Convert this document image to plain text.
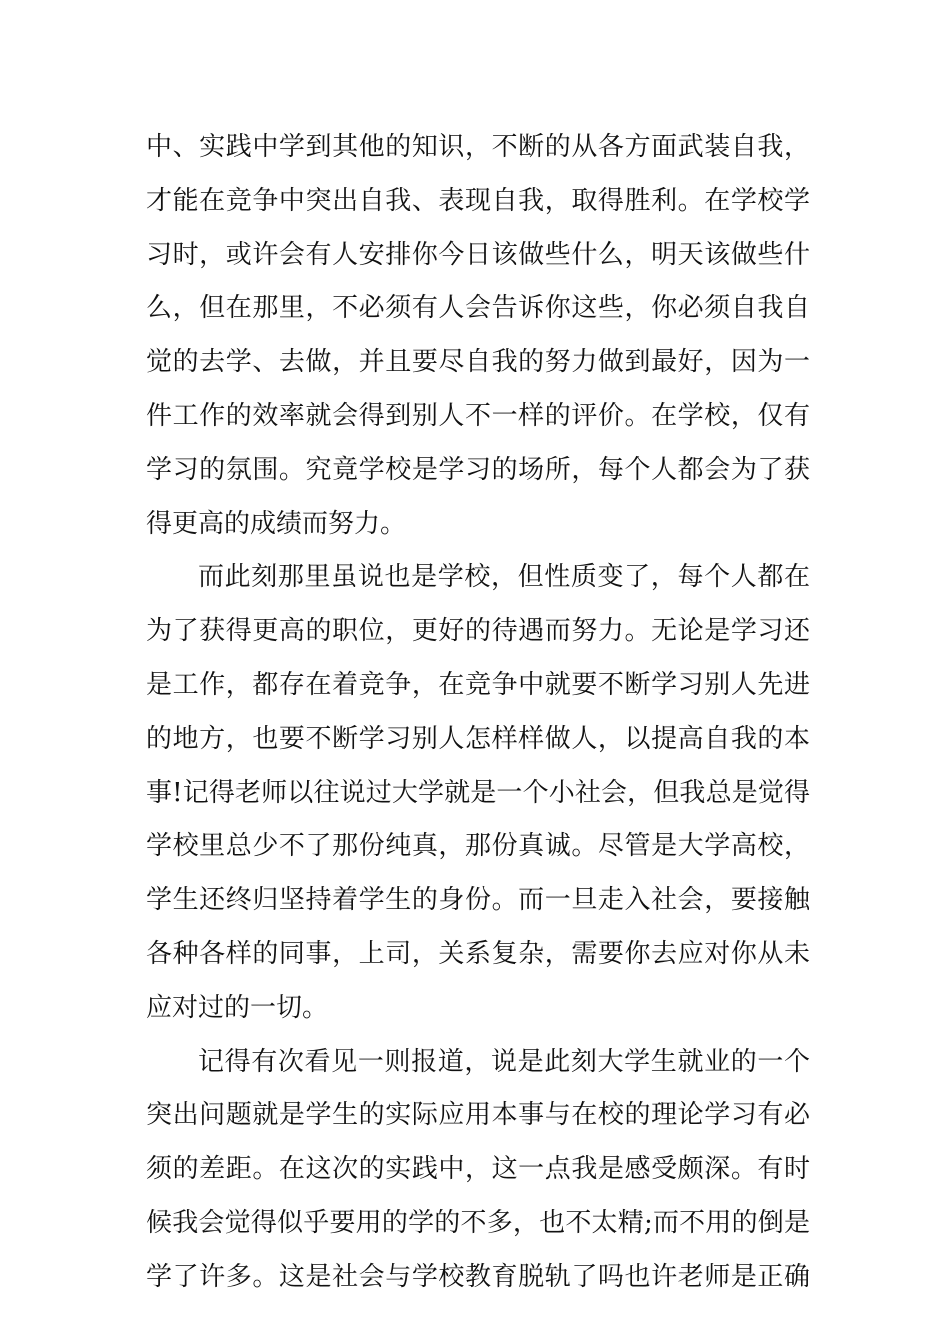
中、实践中学到其他的知识，不断的从各方面武装自我，
才能在竞争中突出自我、表现自我，取得胜利。在学校学
习时，或许会有人安排你今日该做些什么，明天该做些什
么，但在那里，不必须有人会告诉你这些，你必须自我自
觉的去学、去做，并且要尽自我的努力做到最好，因为一
件工作的效率就会得到别人不一样的评价。在学校，仅有
学习的氛围。究竟学校是学习的场所，每个人都会为了获
得更高的成绩而努力。
而此刻那里虽说也是学校，但性质变了，每个人都在
为了获得更高的职位，更好的待遇而努力。无论是学习还
是工作，都存在着竞争，在竞争中就要不断学习别人先进
的地方，也要不断学习别人怎样样做人，以提高自我的本
事!记得老师以往说过大学就是一个小社会，但我总是觉得
学校里总少不了那份纯真，那份真诚。尽管是大学高校，
学生还终归坚持着学生的身份。而一旦走入社会，要接触
各种各样的同事，上司，关系复杂，需要你去应对你从未
应对过的一切。
记得有次看见一则报道，说是此刻大学生就业的一个
突出问题就是学生的实际应用本事与在校的理论学习有必
须的差距。在这次的实践中，这一点我是感受颇深。有时
候我会觉得似乎要用的学的不多，也不太精;而不用的倒是
学了许多。这是社会与学校教育脱轨了吗也许老师是正确
